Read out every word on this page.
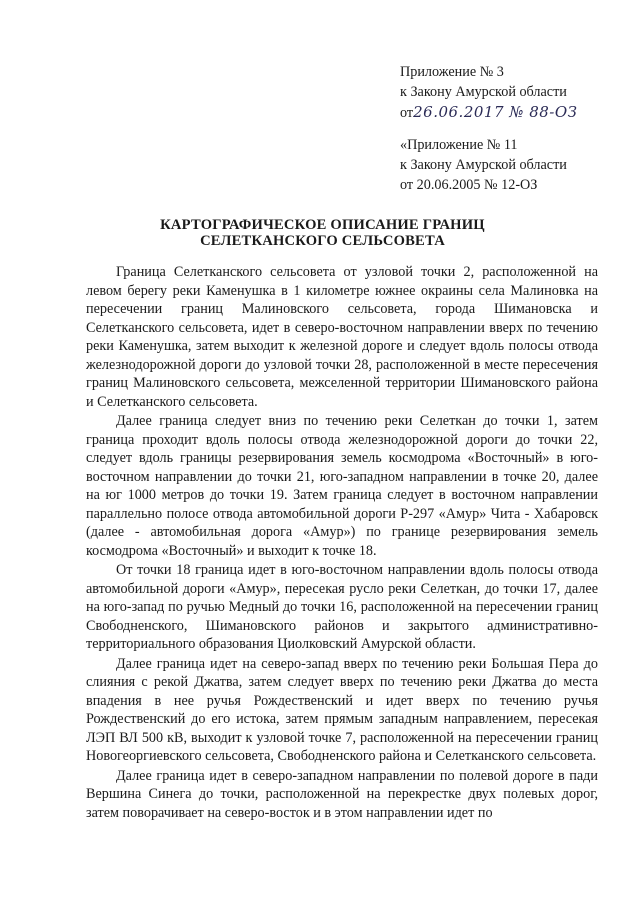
Приложение № 3
к Закону Амурской области
от26.06.2017 № 88-ОЗ
«Приложение № 11
к Закону Амурской области
от 20.06.2005 № 12-ОЗ
КАРТОГРАФИЧЕСКОЕ ОПИСАНИЕ ГРАНИЦ
СЕЛЕТКАНСКОГО СЕЛЬСОВЕТА

Граница Селетканского сельсовета от узловой точки 2, расположенной на левом берегу реки Каменушка в 1 километре южнее окраины села Малиновка на пересечении границ Малиновского сельсовета, города Шимановска и Селетканского сельсовета, идет в северо-восточном направлении вверх по течению реки Каменушка, затем выходит к железной дороге и следует вдоль полосы отвода железнодорожной дороги до узловой точки 28, расположенной в месте пересечения границ Малиновского сельсовета, межселенной территории Шимановского района и Селетканского сельсовета.

Далее граница следует вниз по течению реки Селеткан до точки 1, затем граница проходит вдоль полосы отвода железнодорожной дороги до точки 22, следует вдоль границы резервирования земель космодрома «Восточный» в юго-восточном направлении до точки 21, юго-западном направлении в точке 20, далее на юг 1000 метров до точки 19. Затем граница следует в восточном направлении параллельно полосе отвода автомобильной дороги Р-297 «Амур» Чита - Хабаровск (далее - автомобильная дорога «Амур») по границе резервирования земель космодрома «Восточный» и выходит к точке 18.

От точки 18 граница идет в юго-восточном направлении вдоль полосы отвода автомобильной дороги «Амур», пересекая русло реки Селеткан, до точки 17, далее на юго-запад по ручью Медный до точки 16, расположенной на пересечении границ Свободненского, Шимановского районов и закрытого административно-территориального образования Циолковский Амурской области.

Далее граница идет на северо-запад вверх по течению реки Большая Пера до слияния с рекой Джатва, затем следует вверх по течению реки Джатва до места впадения в нее ручья Рождественский и идет вверх по течению ручья Рождественский до его истока, затем прямым западным направлением, пересекая ЛЭП ВЛ 500 кВ, выходит к узловой точке 7, расположенной на пересечении границ Новогеоргиевского сельсовета, Свободненского района и Селетканского сельсовета.

Далее граница идет в северо-западном направлении по полевой дороге в пади Вершина Синега до точки, расположенной на перекрестке двух полевых дорог, затем поворачивает на северо-восток и в этом направлении идет по
